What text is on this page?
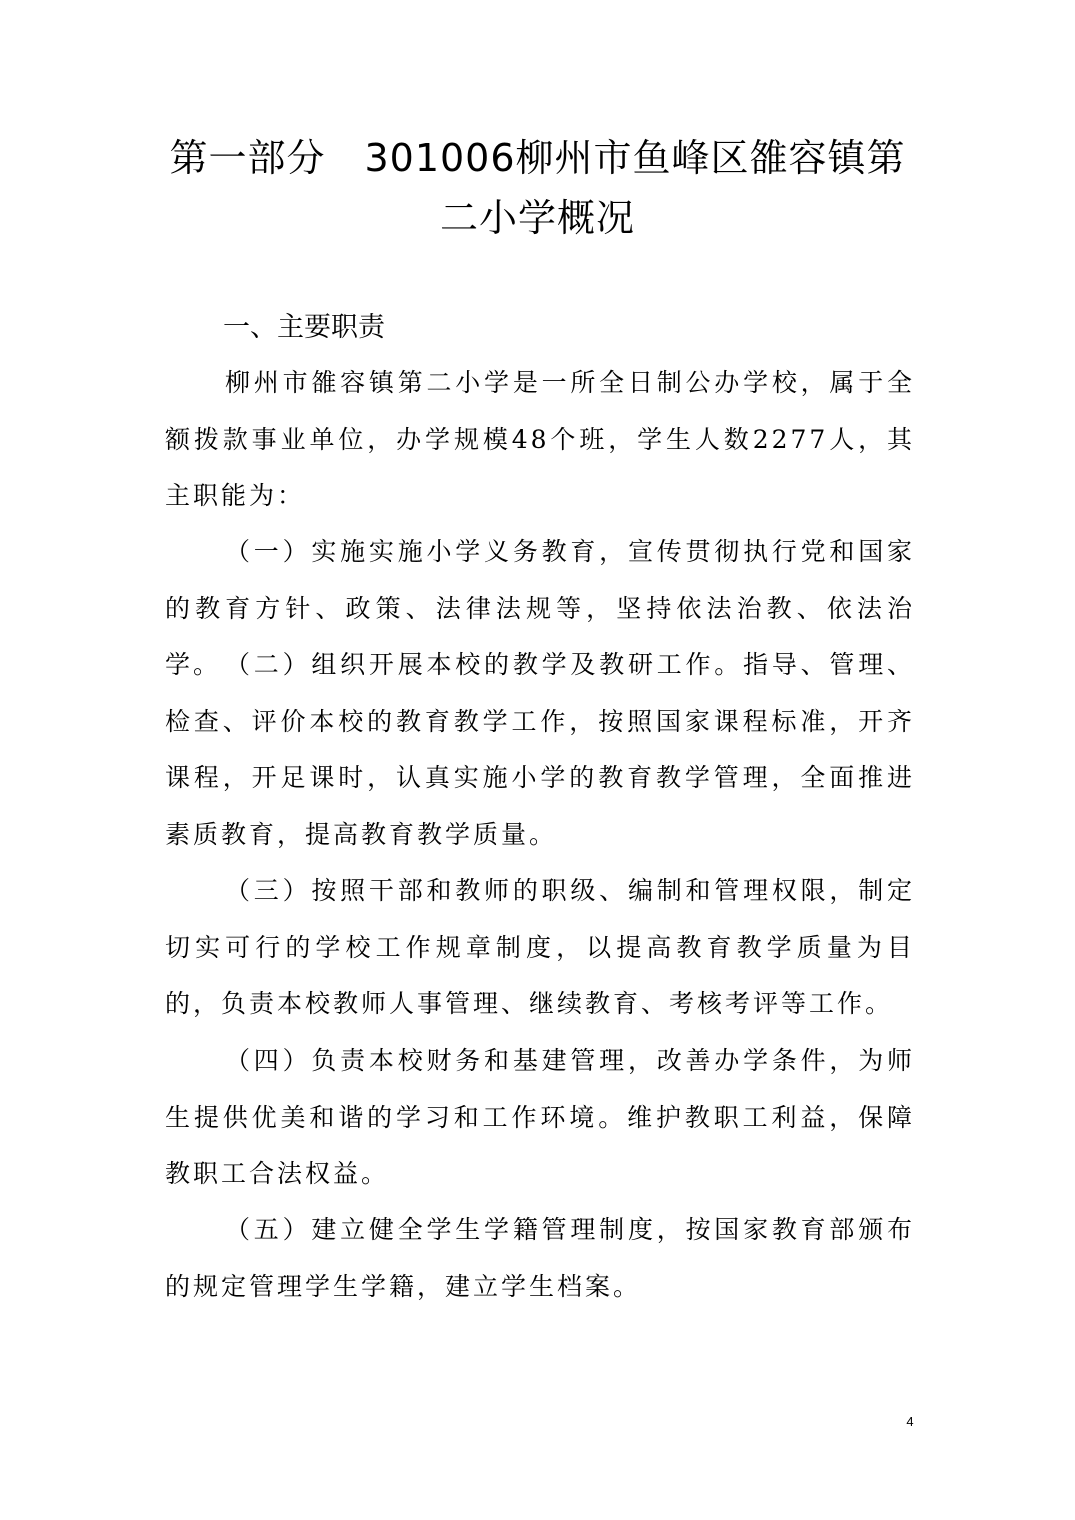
第一部分　301006柳州市鱼峰区雒容镇第
二小学概况
一、主要职责

柳州市雒容镇第二小学是一所全日制公办学校，属于全额拨款事业单位，办学规模48个班，学生人数2277人，其主职能为：

（一）实施实施小学义务教育，宣传贯彻执行党和国家的教育方针、政策、法律法规等，坚持依法治教、依法治学。 （二）组织开展本校的教学及教研工作。指导、管理、检查、评价本校的教育教学工作，按照国家课程标准，开齐课程，开足课时，认真实施小学的教育教学管理，全面推进素质教育，提高教育教学质量。

（三）按照干部和教师的职级、编制和管理权限，制定切实可行的学校工作规章制度，以提高教育教学质量为目的，负责本校教师人事管理、继续教育、考核考评等工作。

（四）负责本校财务和基建管理，改善办学条件，为师生提供优美和谐的学习和工作环境。维护教职工利益，保障教职工合法权益。

（五）建立健全学生学籍管理制度，按国家教育部颁布的规定管理学生学籍，建立学生档案。

4
